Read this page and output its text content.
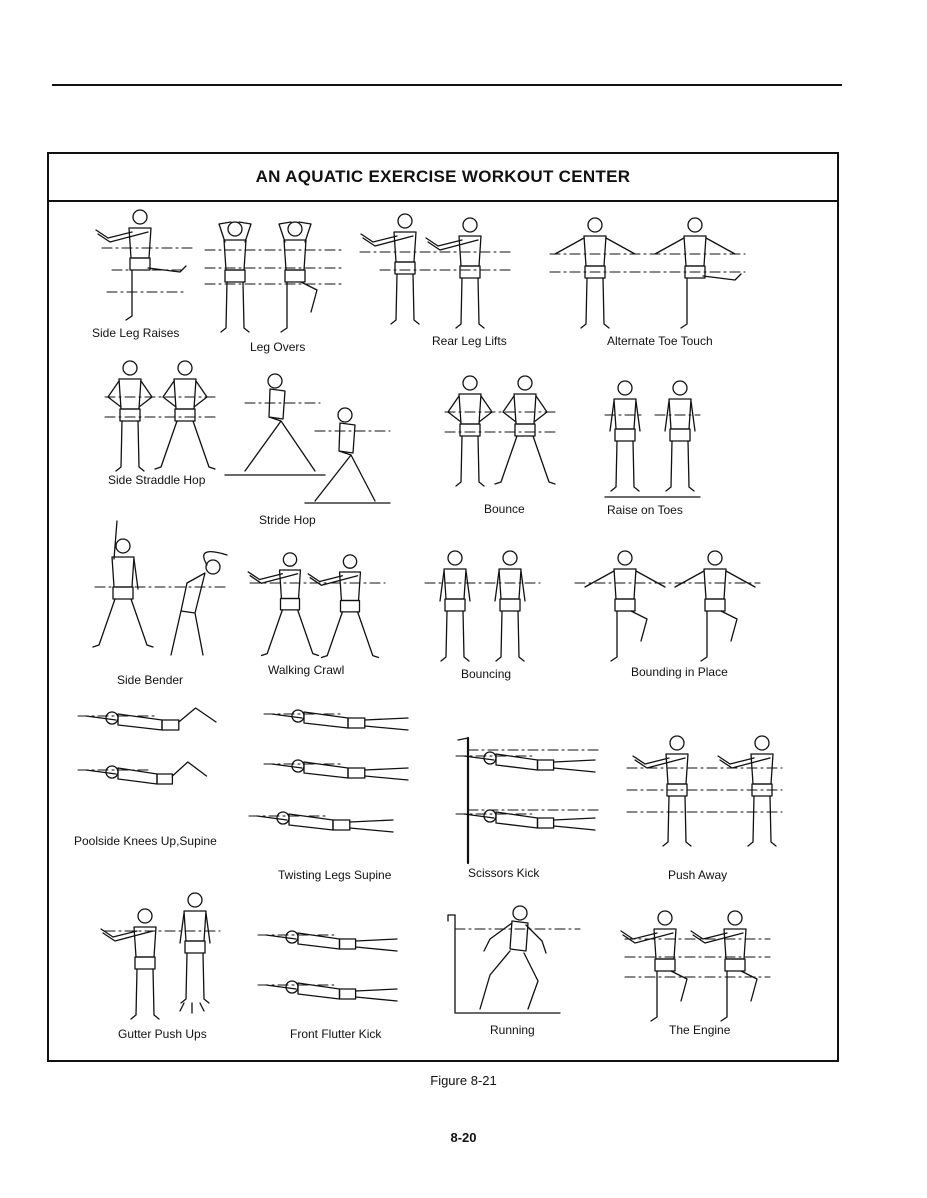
AN AQUATIC EXERCISE WORKOUT CENTER
Side Leg Raises
Leg Overs	Rear Leg Lifts	Alternate Toe Touch
Side Straddle Hop
Stride Hop
Bounce	Raise on Toes
Side Bender
Walking Crawl	Bouncing	Bounding in Place
Poolside Knees Up,Supine
Twisting Legs Supine	Scissors Kick	Push Away
Gutter Push Ups	Front Flutter Kick	Running	The Engine
Figure 8-21
8-20
